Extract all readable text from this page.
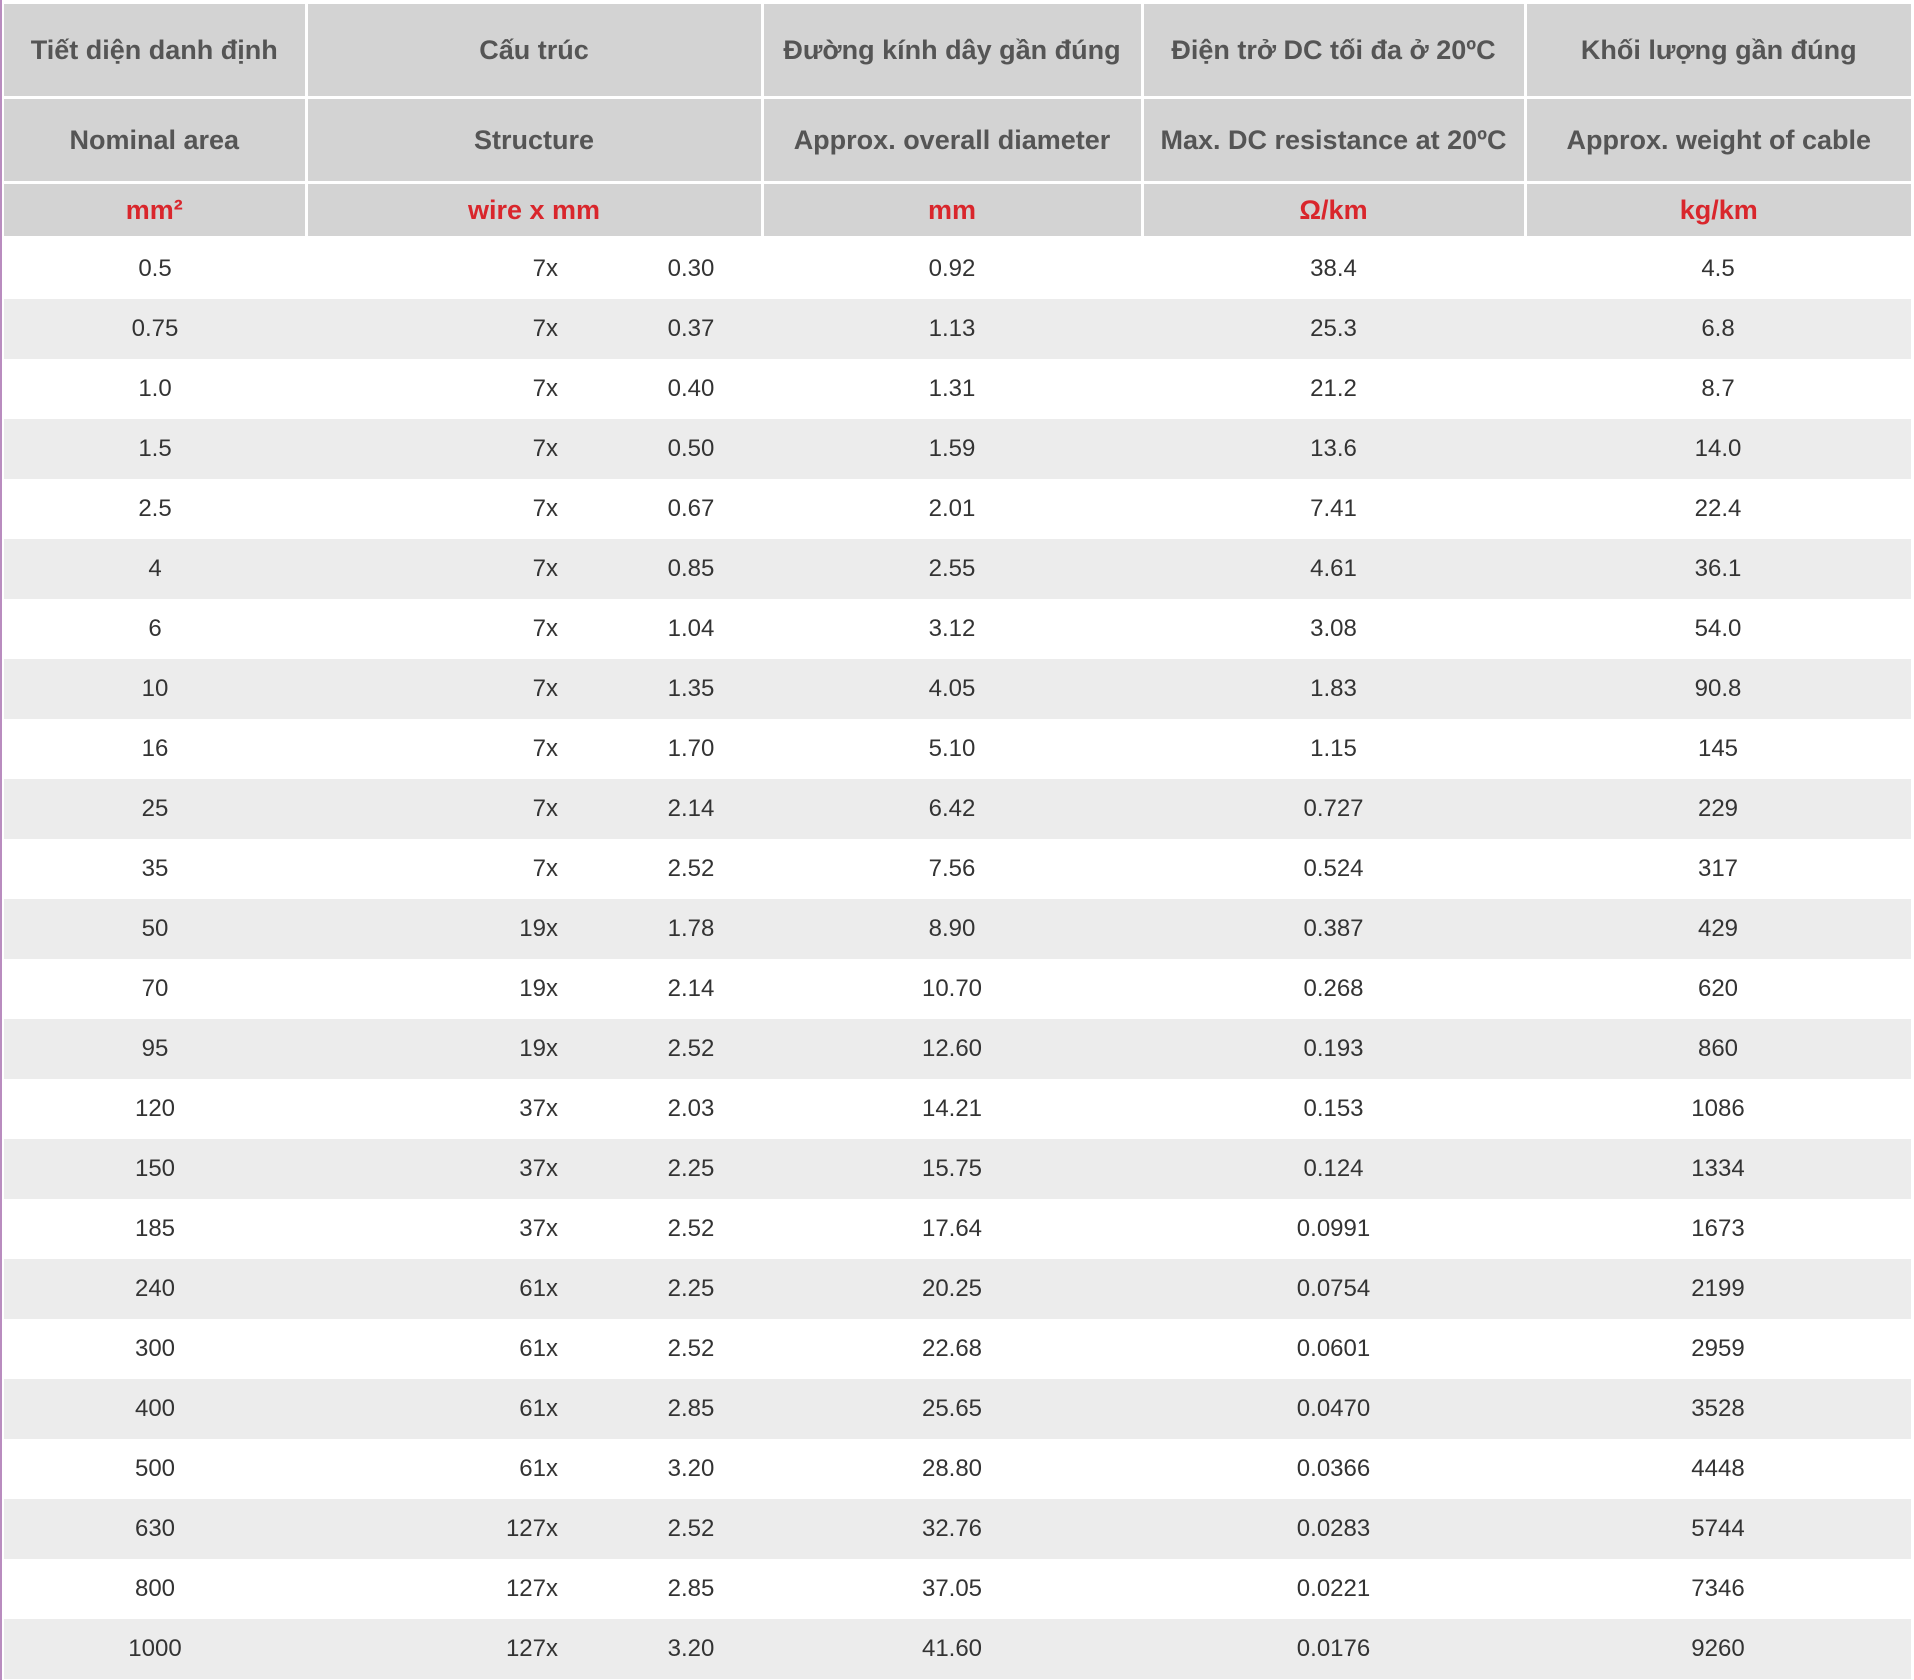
Tiết diện danh định	Cấu trúc	Đường kính dây gần đúng	Điện trở DC tối đa ở 20ºC	Khối lượng gần đúng
Nominal area	Structure	Approx. overall diameter	Max. DC resistance at 20ºC	Approx. weight of cable
mm²	wire x mm	mm	Ω/km	kg/km
0.5	7 x 0.30	0.92	38.4	4.5
0.75	7 x 0.37	1.13	25.3	6.8
1.0	7 x 0.40	1.31	21.2	8.7
1.5	7 x 0.50	1.59	13.6	14.0
2.5	7 x 0.67	2.01	7.41	22.4
4	7 x 0.85	2.55	4.61	36.1
6	7 x 1.04	3.12	3.08	54.0
10	7 x 1.35	4.05	1.83	90.8
16	7 x 1.70	5.10	1.15	145
25	7 x 2.14	6.42	0.727	229
35	7 x 2.52	7.56	0.524	317
50	19 x 1.78	8.90	0.387	429
70	19 x 2.14	10.70	0.268	620
95	19 x 2.52	12.60	0.193	860
120	37 x 2.03	14.21	0.153	1086
150	37 x 2.25	15.75	0.124	1334
185	37 x 2.52	17.64	0.0991	1673
240	61 x 2.25	20.25	0.0754	2199
300	61 x 2.52	22.68	0.0601	2959
400	61 x 2.85	25.65	0.0470	3528
500	61 x 3.20	28.80	0.0366	4448
630	127 x 2.52	32.76	0.0283	5744
800	127 x 2.85	37.05	0.0221	7346
1000	127 x 3.20	41.60	0.0176	9260
